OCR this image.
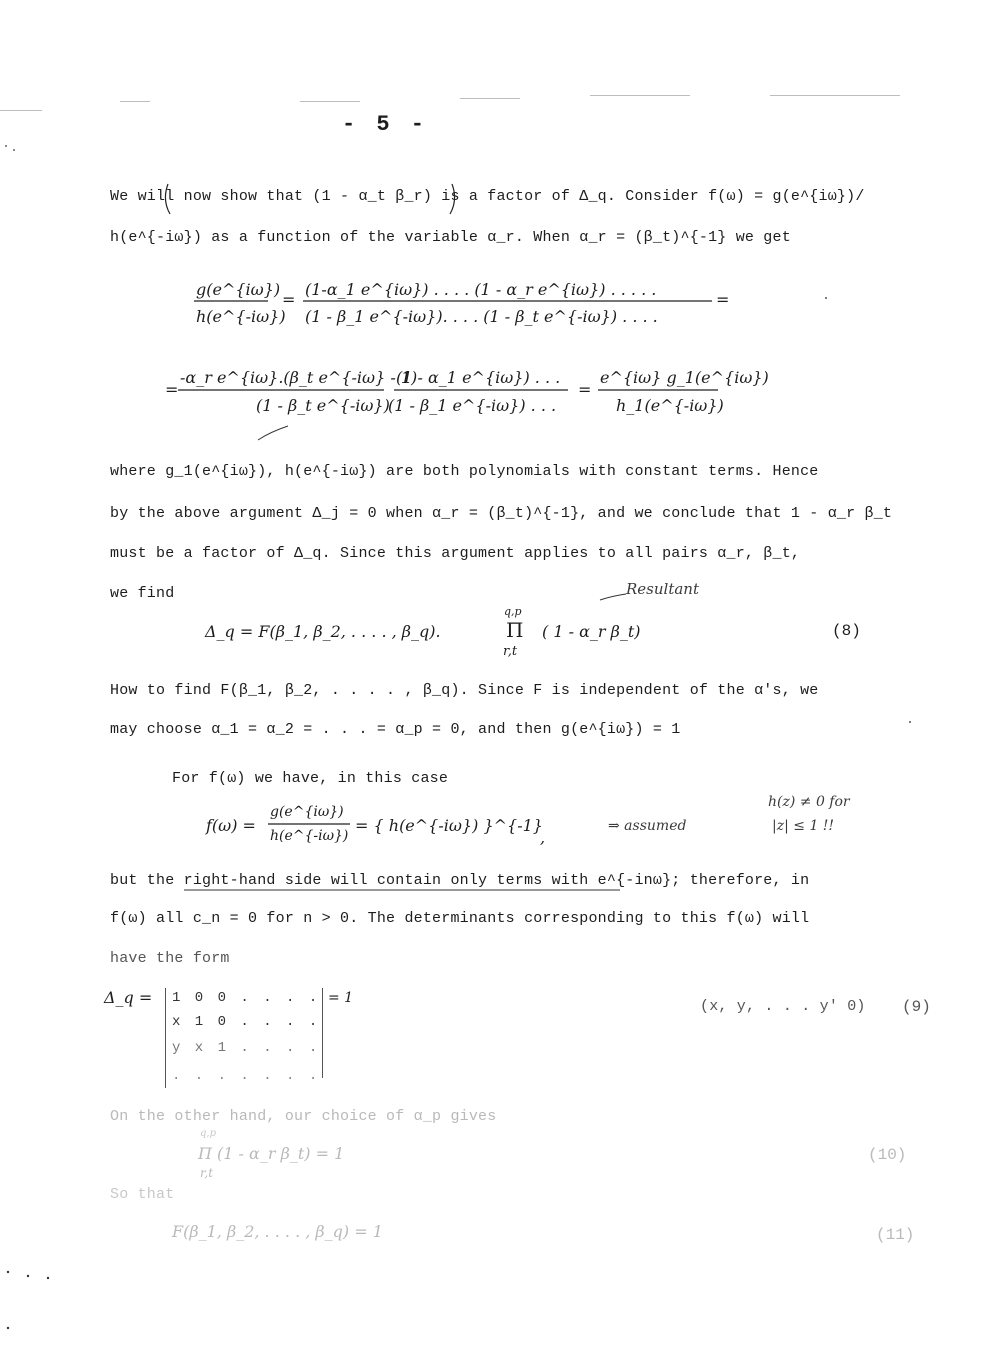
- 5 -
We will now show that (1 - α_t β_r) is a factor of Δ_q. Consider f(ω) = g(e^{iω})/
h(e^{-iω}) as a function of the variable α_r. When α_r = (β_t)^{-1} we get
g(e^{iω})
h(e^{-iω})
=
(1-α_1 e^{iω}) . . . . (1 - α_r e^{iω}) . . . . .
(1 - β_1 e^{-iω}). . . . (1 - β_t e^{-iω}) . . . .
=
=
-α_r e^{iω}.(β_t e^{-iω} - 1)
(1 - β_t e^{-iω})
(1 - α_1 e^{iω}) . . .
(1 - β_1 e^{-iω}) . . .
=
e^{iω} g_1(e^{iω})
h_1(e^{-iω})
where g_1(e^{iω}), h(e^{-iω}) are both polynomials with constant terms. Hence
by the above argument Δ_j = 0 when α_r = (β_t)^{-1}, and we conclude that 1 - α_r β_t
must be a factor of Δ_q. Since this argument applies to all pairs α_r, β_t,
we find	Resultant
Δ_q = F(β_1, β_2, . . . . , β_q).
q,p
Π
r,t
( 1 - α_r β_t)	(8)
How to find F(β_1, β_2, . . . . , β_q). Since F is independent of the α's, we
may choose α_1 = α_2 = . . . = α_p = 0, and then g(e^{iω}) = 1
For f(ω) we have, in this case
f(ω) =
g(e^{iω})
h(e^{-iω})
= { h(e^{-iω}) }^{-1}
,
⇒ assumed
h(z) ≠ 0 for
|z| ≤ 1 !!
but the right-hand side will contain only terms with e^{-inω}; therefore, in
f(ω) all c_n = 0 for n > 0. The determinants corresponding to this f(ω) will
have the form
Δ_q = 1 0 0 . . . .
x 1 0 . . . .
y x 1 . . . .
. . . . . . .
= 1	(x, y, . . . y' 0) (9)
On the other hand, our choice of α_p gives
q,p
r,t
Π (1 - α_r β_t) = 1	(10)
So that
F(β_1, β_2, . . . . , β_q) = 1	(11)
